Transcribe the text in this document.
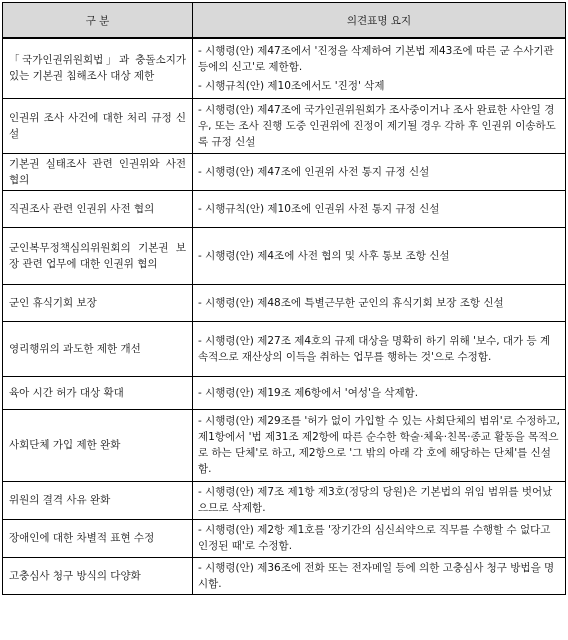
구 분	의견표명 요지
「국가인권위원회법」과 충돌소지가 있는 기본권 침해조사 대상 제한	- 시행령(안) 제47조에서 '진정을 삭제하여 기본법 제43조에 따른 군 수사기관 등에의 신고'로 제한함.
- 시행규칙(안) 제10조에서도 '진정' 삭제

인권위 조사 사건에 대한 처리 규정 신설	- 시행령(안) 제47조에 국가인권위원회가 조사중이거나 조사 완료한 사안일 경우, 또는 조사 진행 도중 인권위에 진정이 제기될 경우 각하 후 인권위 이송하도록 규정 신설

기본권 실태조사 관련 인권위와 사전 협의	- 시행령(안) 제47조에 인권위 사전 통지 규정 신설

직권조사 관련 인권위 사전 협의	- 시행규칙(안) 제10조에 인권위 사전 통지 규정 신설

군인복무정책심의위원회의 기본권 보장 관련 업무에 대한 인권위 협의	- 시행령(안) 제4조에 사전 협의 및 사후 통보 조항 신설

군인 휴식기회 보장	- 시행령(안) 제48조에 특별근무한 군인의 휴식기회 보장 조항 신설

영리행위의 과도한 제한 개선	- 시행령(안) 제27조 제4호의 규제 대상을 명확히 하기 위해 '보수, 대가 등 계속적으로 재산상의 이득을 취하는 업무를 행하는 것'으로 수정함.

육아 시간 허가 대상 확대	- 시행령(안) 제19조 제6항에서 '여성'을 삭제함.

사회단체 가입 제한 완화	- 시행령(안) 제29조를 '허가 없이 가입할 수 있는 사회단체의 범위'로 수정하고, 제1항에서 '법 제31조 제2항에 따른 순수한 학술·체육·친목·종교 활동을 목적으로 하는 단체'로 하고, 제2항으로 '그 밖의 아래 각 호에 해당하는 단체'를 신설함.

위원의 결격 사유 완화	- 시행령(안) 제7조 제1항 제3호(정당의 당원)은 기본법의 위임 범위를 벗어났으므로 삭제함.

장애인에 대한 차별적 표현 수정	- 시행령(안) 제2항 제1호를 '장기간의 심신쇠약으로 직무를 수행할 수 없다고 인정된 때'로 수정함.

고충심사 청구 방식의 다양화	- 시행령(안) 제36조에 전화 또는 전자메일 등에 의한 고충심사 청구 방법을 명시함.
